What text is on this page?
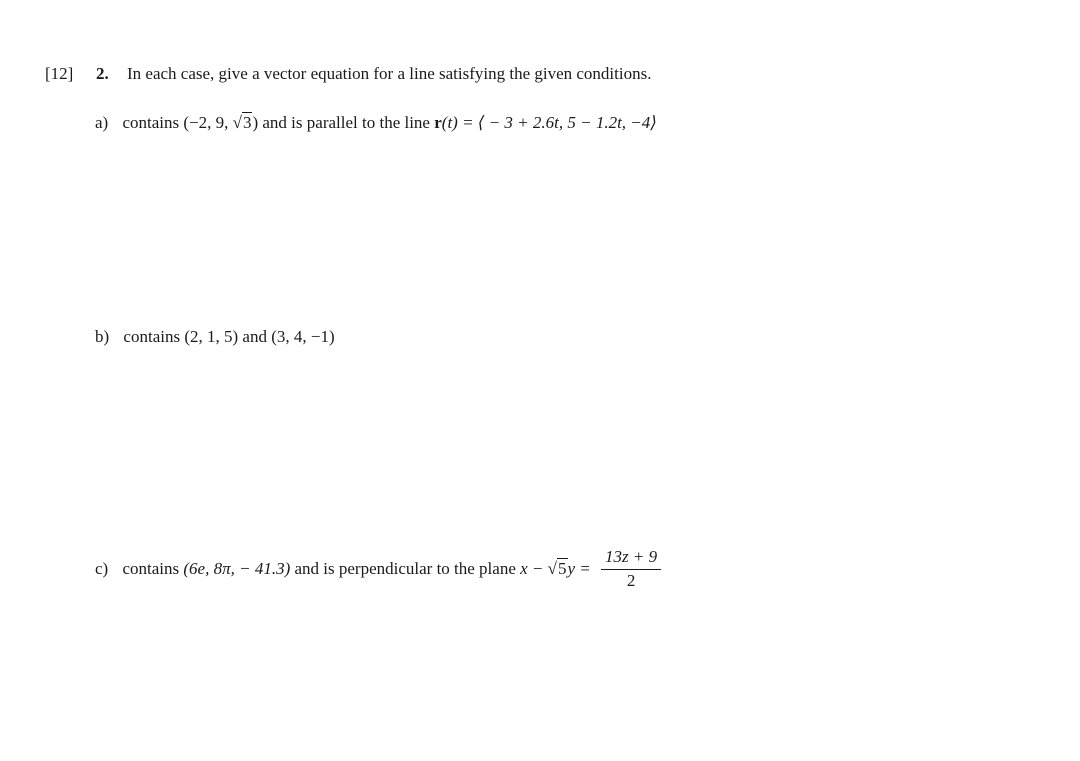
[12] 2. In each case, give a vector equation for a line satisfying the given conditions.
a) contains (−2, 9, √3) and is parallel to the line r(t) = ⟨ − 3 + 2.6t, 5 − 1.2t, −4⟩
b) contains (2, 1, 5) and (3, 4, −1)
c) contains (6e, 8π, − 41.3) and is perpendicular to the plane $x - √5y = \frac{13z + 9}{2}$
